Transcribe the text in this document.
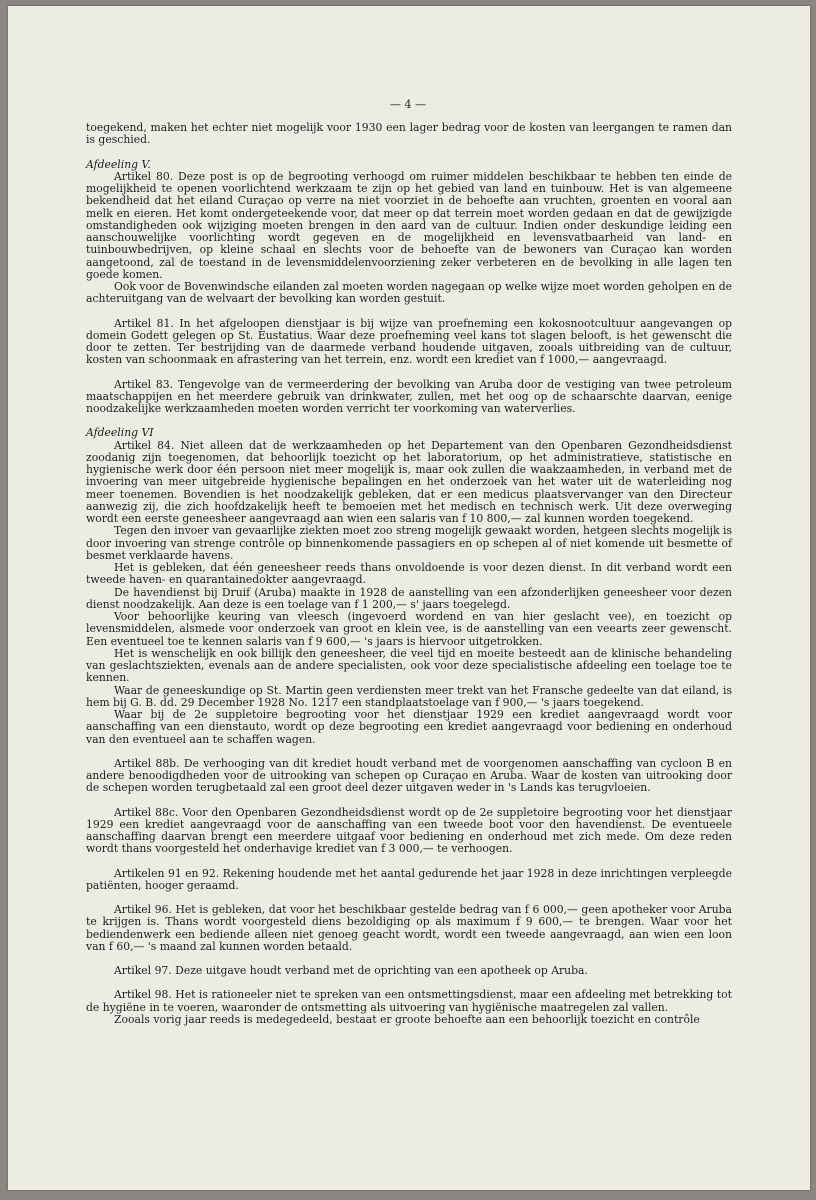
— 4 —

toegekend, maken het echter niet mogelijk voor 1930 een lager bedrag voor de kosten van leergangen te ramen dan is geschied.

Afdeeling V.

Artikel 80. Deze post is op de begrooting verhoogd om ruimer middelen beschikbaar te hebben ten einde de mogelijkheid te openen voorlichtend werkzaam te zijn op het gebied van land en tuinbouw. Het is van algemeene bekendheid dat het eiland Curaçao op verre na niet voorziet in de behoefte aan vruchten, groenten en vooral aan melk en eieren. Het komt ondergeteekende voor, dat meer op dat terrein moet worden gedaan en dat de gewijzigde omstandigheden ook wijziging moeten brengen in den aard van de cultuur. Indien onder deskundige leiding een aanschouwelijke voorlichting wordt gegeven en de mogelijkheid en levensvatbaarheid van land- en tuinbouwbedrijven, op kleine schaal en slechts voor de behoefte van de bewoners van Curaçao kan worden aangetoond, zal de toestand in de levensmiddelenvoorziening zeker verbeteren en de bevolking in alle lagen ten goede komen.

Ook voor de Bovenwindsche eilanden zal moeten worden nagegaan op welke wijze moet worden geholpen en de achteruitgang van de welvaart der bevolking kan worden gestuit.

Artikel 81. In het afgeloopen dienstjaar is bij wijze van proefneming een kokosnootcultuur aangevangen op domein Godett gelegen op St. Eustatius. Waar deze proefneming veel kans tot slagen belooft, is het gewenscht die door te zetten. Ter bestrijding van de daarmede verband houdende uitgaven, zooals uitbreiding van de cultuur, kosten van schoonmaak en afrastering van het terrein, enz. wordt een krediet van f 1000,— aangevraagd.

Artikel 83. Tengevolge van de vermeerdering der bevolking van Aruba door de vestiging van twee petroleum maatschappijen en het meerdere gebruik van drinkwater, zullen, met het oog op de schaarschte daarvan, eenige noodzakelijke werkzaamheden moeten worden verricht ter voorkoming van waterverlies.

Afdeeling VI

Artikel 84. Niet alleen dat de werkzaamheden op het Departement van den Openbaren Gezondheidsdienst zoodanig zijn toegenomen, dat behoorlijk toezicht op het laboratorium, op het administratieve, statistische en hygienische werk door één persoon niet meer mogelijk is, maar ook zullen die waakzaamheden, in verband met de invoering van meer uitgebreide hygienische bepalingen en het onderzoek van het water uit de waterleiding nog meer toenemen. Bovendien is het noodzakelijk gebleken, dat er een medicus plaatsvervanger van den Directeur aanwezig zij, die zich hoofdzakelijk heeft te bemoeien met het medisch en technisch werk. Uit deze overweging wordt een eerste geneesheer aangevraagd aan wien een salaris van f 10 800,— zal kunnen worden toegekend.

Tegen den invoer van gevaarlijke ziekten moet zoo streng mogelijk gewaakt worden, hetgeen slechts mogelijk is door invoering van strenge contrôle op binnenkomende passagiers en op schepen al of niet komende uit besmette of besmet verklaarde havens.

Het is gebleken, dat één geneesheer reeds thans onvoldoende is voor dezen dienst. In dit verband wordt een tweede haven- en quarantainedokter aangevraagd.

De havendienst bij Druif (Aruba) maakte in 1928 de aanstelling van een afzonderlijken geneesheer voor dezen dienst noodzakelijk. Aan deze is een toelage van f 1 200,— s' jaars toegelegd.

Voor behoorlijke keuring van vleesch (ingevoerd wordend en van hier geslacht vee), en toezicht op levensmiddelen, alsmede voor onderzoek van groot en klein vee, is de aanstelling van een veearts zeer gewenscht. Een eventueel toe te kennen salaris van f 9 600,— 's jaars is hiervoor uitgetrokken.

Het is wenschelijk en ook billijk den geneesheer, die veel tijd en moeite besteedt aan de klinische behandeling van geslachtsziekten, evenals aan de andere specialisten, ook voor deze specialistische afdeeling een toelage toe te kennen.

Waar de geneeskundige op St. Martin geen verdiensten meer trekt van het Fransche gedeelte van dat eiland, is hem bij G. B. dd. 29 December 1928 No. 1217 een standplaatstoelage van f 900,— 's jaars toegekend.

Waar bij de 2e suppletoire begrooting voor het dienstjaar 1929 een krediet aangevraagd wordt voor aanschaffing van een dienstauto, wordt op deze begrooting een krediet aangevraagd voor bediening en onderhoud van den eventueel aan te schaffen wagen.

Artikel 88b. De verhooging van dit krediet houdt verband met de voorgenomen aanschaffing van cycloon B en andere benoodigdheden voor de uitrooking van schepen op Curaçao en Aruba. Waar de kosten van uitrooking door de schepen worden terugbetaald zal een groot deel dezer uitgaven weder in 's Lands kas terugvloeien.

Artikel 88c. Voor den Openbaren Gezondheidsdienst wordt op de 2e suppletoire begrooting voor het dienstjaar 1929 een krediet aangevraagd voor de aanschaffing van een tweede boot voor den havendienst. De eventueele aanschaffing daarvan brengt een meerdere uitgaaf voor bediening en onderhoud met zich mede. Om deze reden wordt thans voorgesteld het onderhavige krediet van f 3 000,— te verhoogen.

Artikelen 91 en 92. Rekening houdende met het aantal gedurende het jaar 1928 in deze inrichtingen verpleegde patiënten, hooger geraamd.

Artikel 96. Het is gebleken, dat voor het beschikbaar gestelde bedrag van f 6 000,— geen apotheker voor Aruba te krijgen is. Thans wordt voorgesteld diens bezoldiging op als maximum f 9 600,— te brengen. Waar voor het bediendenwerk een bediende alleen niet genoeg geacht wordt, wordt een tweede aangevraagd, aan wien een loon van f 60,— 's maand zal kunnen worden betaald.

Artikel 97. Deze uitgave houdt verband met de oprichting van een apotheek op Aruba.

Artikel 98. Het is rationeeler niet te spreken van een ontsmettingsdienst, maar een afdeeling met betrekking tot de hygiëne in te voeren, waaronder de ontsmetting als uitvoering van hygiënische maatregelen zal vallen.

Zooals vorig jaar reeds is medegedeeld, bestaat er groote behoefte aan een behoorlijk toezicht en contrôle
